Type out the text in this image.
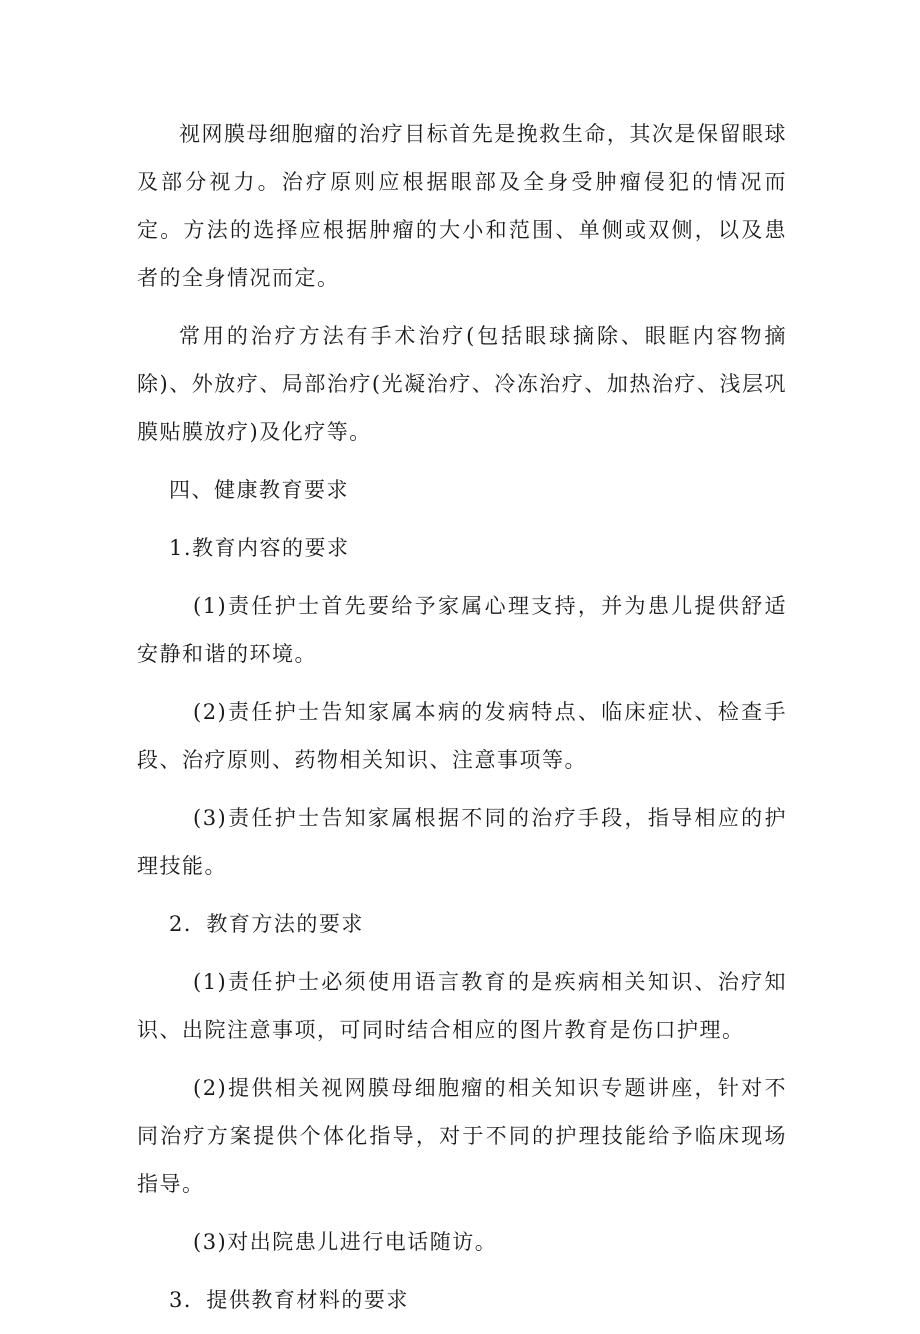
视网膜母细胞瘤的治疗目标首先是挽救生命，其次是保留眼球及部分视力。治疗原则应根据眼部及全身受肿瘤侵犯的情况而定。方法的选择应根据肿瘤的大小和范围、单侧或双侧，以及患者的全身情况而定。

常用的治疗方法有手术治疗(包括眼球摘除、眼眶内容物摘除)、外放疗、局部治疗(光凝治疗、冷冻治疗、加热治疗、浅层巩膜贴膜放疗)及化疗等。

四、健康教育要求

1.教育内容的要求

(1)责任护士首先要给予家属心理支持，并为患儿提供舒适安静和谐的环境。

(2)责任护士告知家属本病的发病特点、临床症状、检查手段、治疗原则、药物相关知识、注意事项等。

(3)责任护士告知家属根据不同的治疗手段，指导相应的护理技能。

2．教育方法的要求

(1)责任护士必须使用语言教育的是疾病相关知识、治疗知识、出院注意事项，可同时结合相应的图片教育是伤口护理。

(2)提供相关视网膜母细胞瘤的相关知识专题讲座，针对不同治疗方案提供个体化指导，对于不同的护理技能给予临床现场指导。

(3)对出院患儿进行电话随访。

3．提供教育材料的要求
